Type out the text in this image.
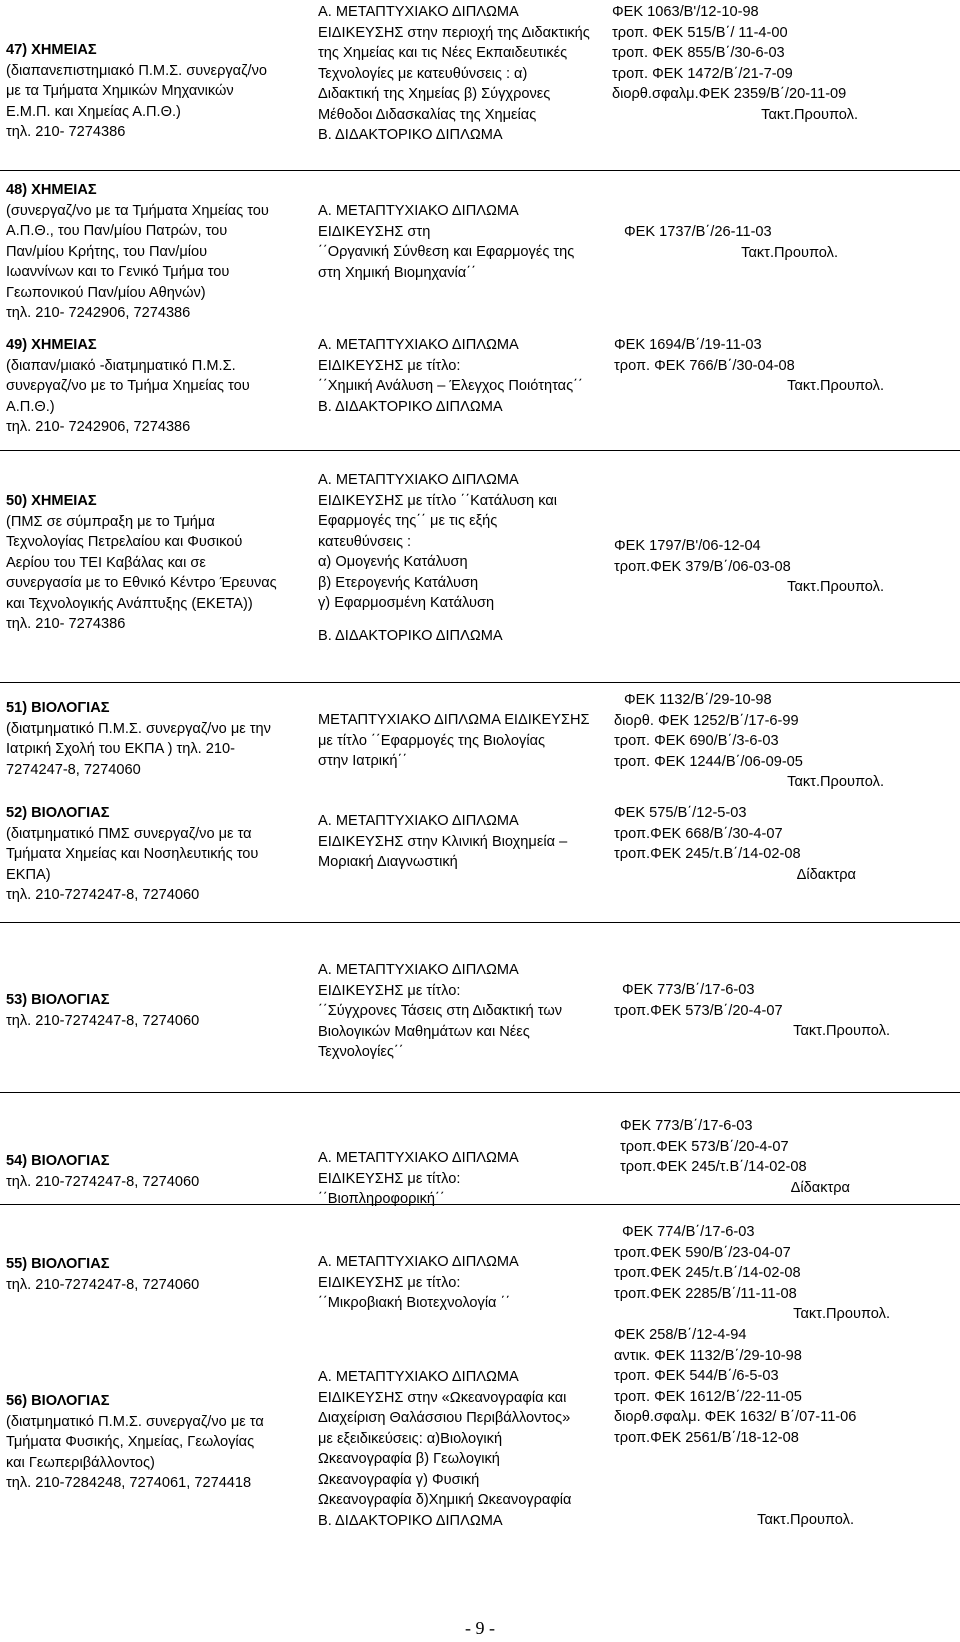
47) ΧΗΜΕΙΑΣ
(διαπανεπιστημιακό Π.Μ.Σ. συνεργαζ/νο
με τα Τμήματα Χημικών Μηχανικών
Ε.Μ.Π. και Χημείας Α.Π.Θ.)
τηλ. 210- 7274386
Α. ΜΕΤΑΠΤΥΧΙΑΚΟ ΔΙΠΛΩΜΑ
ΕΙΔΙΚΕΥΣΗΣ στην περιοχή της Διδακτικής
της Χημείας και τις Νέες Εκπαιδευτικές
Τεχνολογίες με κατευθύνσεις : α)
Διδακτική της Χημείας β) Σύγχρονες
Μέθοδοι Διδασκαλίας της Χημείας
Β. ΔΙΔΑΚΤΟΡΙΚΟ ΔΙΠΛΩΜΑ
ΦΕΚ 1063/Β'/12-10-98
τροπ. ΦΕΚ 515/Β΄/ 11-4-00
τροπ. ΦΕΚ 855/Β΄/30-6-03
τροπ. ΦΕΚ 1472/Β΄/21-7-09
διορθ.σφαλμ.ΦΕΚ 2359/Β΄/20-11-09
Τακτ.Προυπολ.
48) ΧΗΜΕΙΑΣ
(συνεργαζ/νο με τα Τμήματα Χημείας του
Α.Π.Θ., του Παν/μίου Πατρών, του
Παν/μίου Κρήτης, του Παν/μίου
Ιωαννίνων και το Γενικό Τμήμα του
Γεωπονικού Παν/μίου Αθηνών)
τηλ. 210- 7242906, 7274386
Α. ΜΕΤΑΠΤΥΧΙΑΚΟ ΔΙΠΛΩΜΑ
ΕΙΔΙΚΕΥΣΗΣ στη
΄΄Οργανική Σύνθεση και Εφαρμογές της
στη Χημική Βιομηχανία΄΄
ΦΕΚ 1737/Β΄/26-11-03
Τακτ.Προυπολ.
49) ΧΗΜΕΙΑΣ
(διαπαν/μιακό -διατμηματικό Π.Μ.Σ.
συνεργαζ/νο με το Τμήμα Χημείας του
Α.Π.Θ.)
τηλ. 210- 7242906, 7274386
Α. ΜΕΤΑΠΤΥΧΙΑΚΟ ΔΙΠΛΩΜΑ
ΕΙΔΙΚΕΥΣΗΣ με τίτλο:
΄΄Χημική Ανάλυση – Έλεγχος Ποιότητας΄΄
Β. ΔΙΔΑΚΤΟΡΙΚΟ ΔΙΠΛΩΜΑ
ΦΕΚ 1694/Β΄/19-11-03
τροπ. ΦΕΚ 766/Β΄/30-04-08
Τακτ.Προυπολ.
50) ΧΗΜΕΙΑΣ
(ΠΜΣ σε σύμπραξη με το Τμήμα
Τεχνολογίας Πετρελαίου και Φυσικού
Αερίου του ΤΕΙ Καβάλας και σε
συνεργασία με το Εθνικό Κέντρο Έρευνας
και Τεχνολογικής Ανάπτυξης (ΕΚΕΤΑ))
τηλ. 210- 7274386
Α. ΜΕΤΑΠΤΥΧΙΑΚΟ ΔΙΠΛΩΜΑ
ΕΙΔΙΚΕΥΣΗΣ με τίτλο ΄΄Κατάλυση και
Εφαρμογές της΄΄ με τις εξής
κατευθύνσεις :
α) Ομογενής Κατάλυση
β) Ετερογενής Κατάλυση
γ) Εφαρμοσμένη Κατάλυση
Β. ΔΙΔΑΚΤΟΡΙΚΟ ΔΙΠΛΩΜΑ
ΦΕΚ 1797/Β'/06-12-04
τροπ.ΦΕΚ 379/Β΄/06-03-08
Τακτ.Προυπολ.
51) ΒΙΟΛΟΓΙΑΣ
(διατμηματικό Π.Μ.Σ. συνεργαζ/νο με την
Ιατρική Σχολή του ΕΚΠΑ ) τηλ. 210-
7274247-8, 7274060
ΜΕΤΑΠΤΥΧΙΑΚΟ ΔΙΠΛΩΜΑ ΕΙΔΙΚΕΥΣΗΣ
με τίτλο ΄΄Εφαρμογές της Βιολογίας
στην Ιατρική΄΄
ΦΕΚ 1132/Β΄/29-10-98
διορθ. ΦΕΚ 1252/Β΄/17-6-99
τροπ. ΦΕΚ 690/Β΄/3-6-03
τροπ. ΦΕΚ 1244/Β΄/06-09-05
Τακτ.Προυπολ.
52) ΒΙΟΛΟΓΙΑΣ
(διατμηματικό ΠΜΣ συνεργαζ/νο με τα
Τμήματα Χημείας και Νοσηλευτικής του
ΕΚΠΑ)
τηλ. 210-7274247-8, 7274060
Α. ΜΕΤΑΠΤΥΧΙΑΚΟ ΔΙΠΛΩΜΑ
ΕΙΔΙΚΕΥΣΗΣ στην Κλινική Βιοχημεία –
Μοριακή Διαγνωστική
ΦΕΚ 575/Β΄/12-5-03
τροπ.ΦΕΚ 668/Β΄/30-4-07
τροπ.ΦΕΚ 245/τ.Β΄/14-02-08
Δίδακτρα
Α. ΜΕΤΑΠΤΥΧΙΑΚΟ ΔΙΠΛΩΜΑ
ΕΙΔΙΚΕΥΣΗΣ με τίτλο:
΄΄Σύγχρονες Τάσεις στη Διδακτική των
Βιολογικών Μαθημάτων και Νέες
Τεχνολογίες΄΄
53) ΒΙΟΛΟΓΙΑΣ
τηλ. 210-7274247-8, 7274060
ΦΕΚ 773/Β΄/17-6-03
τροπ.ΦΕΚ 573/Β΄/20-4-07
Τακτ.Προυπολ.
54) ΒΙΟΛΟΓΙΑΣ
τηλ. 210-7274247-8, 7274060
Α. ΜΕΤΑΠΤΥΧΙΑΚΟ ΔΙΠΛΩΜΑ
ΕΙΔΙΚΕΥΣΗΣ με τίτλο:
΄΄Βιοπληροφορική΄΄
ΦΕΚ 773/Β΄/17-6-03
τροπ.ΦΕΚ 573/Β΄/20-4-07
τροπ.ΦΕΚ 245/τ.Β΄/14-02-08
Δίδακτρα
55) ΒΙΟΛΟΓΙΑΣ
τηλ. 210-7274247-8, 7274060
Α. ΜΕΤΑΠΤΥΧΙΑΚΟ ΔΙΠΛΩΜΑ
ΕΙΔΙΚΕΥΣΗΣ με τίτλο:
΄΄Μικροβιακή Βιοτεχνολογία ΄΄
ΦΕΚ 774/Β΄/17-6-03
τροπ.ΦΕΚ 590/Β΄/23-04-07
τροπ.ΦΕΚ 245/τ.Β΄/14-02-08
τροπ.ΦΕΚ 2285/Β΄/11-11-08
Τακτ.Προυπολ.
56) ΒΙΟΛΟΓΙΑΣ
(διατμηματικό Π.Μ.Σ. συνεργαζ/νο με τα
Τμήματα Φυσικής, Χημείας, Γεωλογίας
και Γεωπεριβάλλοντος)
τηλ. 210-7284248, 7274061, 7274418
Α. ΜΕΤΑΠΤΥΧΙΑΚΟ ΔΙΠΛΩΜΑ
ΕΙΔΙΚΕΥΣΗΣ στην «Ωκεανογραφία και
Διαχείριση Θαλάσσιου Περιβάλλοντος»
με εξειδικεύσεις: α)Βιολογική
Ωκεανογραφία β) Γεωλογική
Ωκεανογραφία γ) Φυσική
Ωκεανογραφία δ)Χημική Ωκεανογραφία
Β. ΔΙΔΑΚΤΟΡΙΚΟ ΔΙΠΛΩΜΑ
ΦΕΚ 258/Β΄/12-4-94
αντικ. ΦΕΚ 1132/Β΄/29-10-98
τροπ. ΦΕΚ 544/Β΄/6-5-03
τροπ. ΦΕΚ 1612/Β΄/22-11-05
διορθ.σφαλμ. ΦΕΚ 1632/ Β΄/07-11-06
τροπ.ΦΕΚ 2561/Β΄/18-12-08
Τακτ.Προυπολ.
- 9 -
